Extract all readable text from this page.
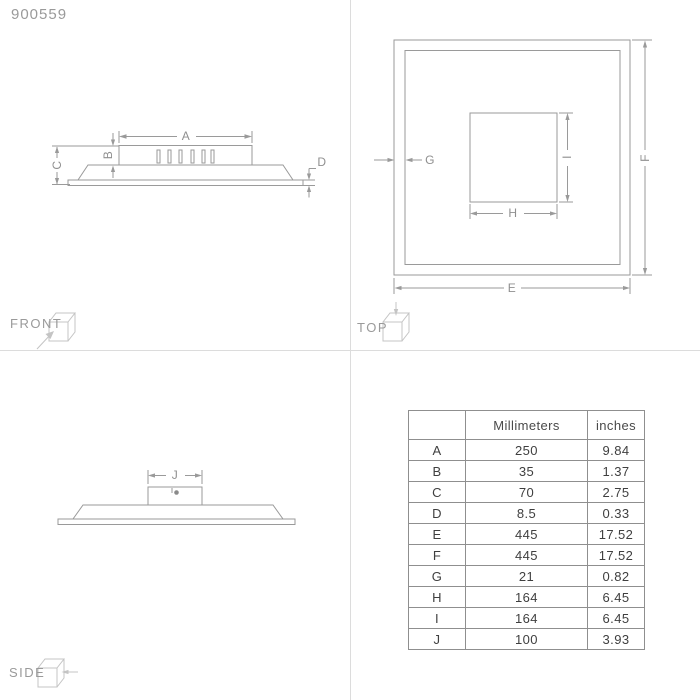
900559
A
B
C	D
E
F
G
H
I
J
FRONT	TOP
SIDE
	Millimeters	inches
A	250	9.84
B	35	1.37
C	70	2.75
D	8.5	0.33
E	445	17.52
F	445	17.52
G	21	0.82
H	164	6.45
I	164	6.45
J	100	3.93
